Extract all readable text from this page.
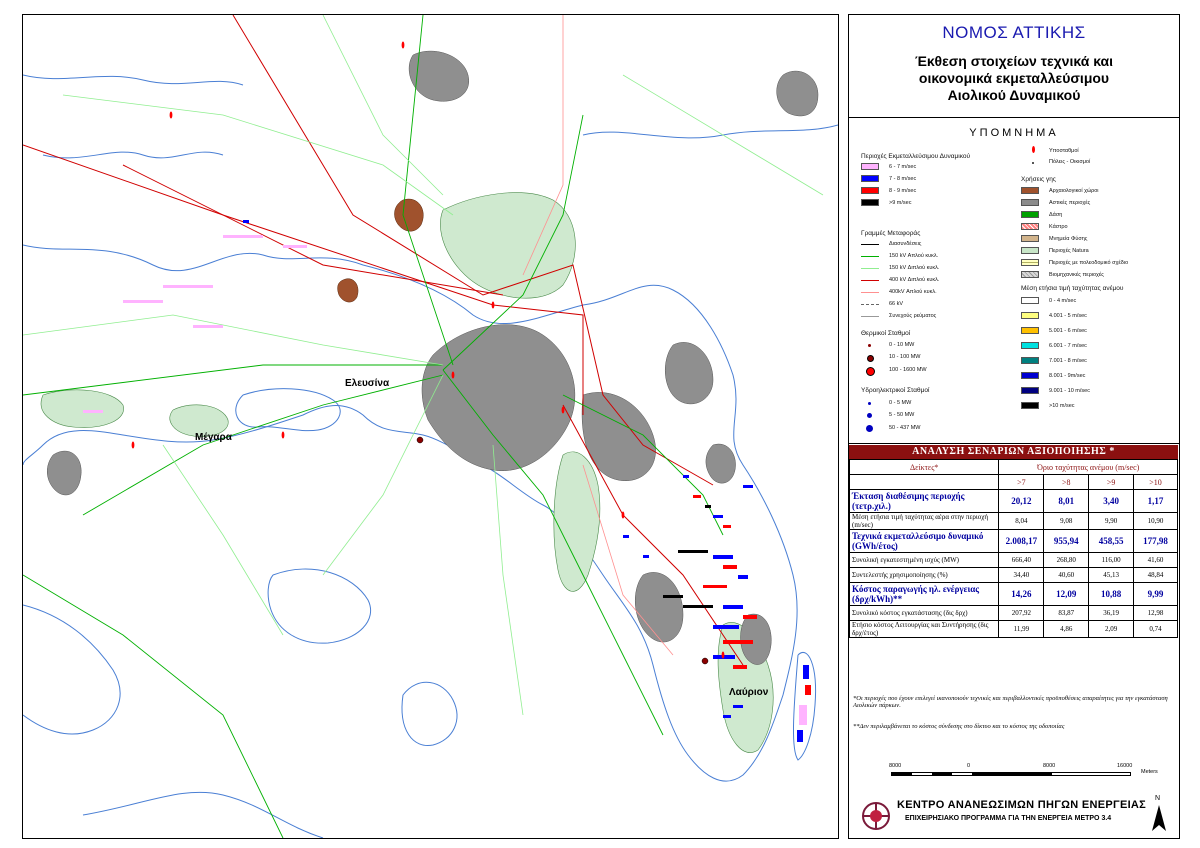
Ελευσίνα
Μέγαρα
Λαύριον
ΝΟΜΟΣ ΑΤΤΙΚΗΣ
Έκθεση στοιχείων τεχνικά και
οικονομικά εκμεταλλεύσιμου
Αιολικού Δυναμικού
ΥΠΟΜΝΗΜΑ
Περιοχές Εκμεταλλεύσιμου Δυναμικού
6 - 7 m/sec
7 - 8 m/sec
8 - 9 m/sec
>9 m/sec
Γραμμές Μεταφοράς
Διασυνδέσεις
150 kV Απλού κυκλ.
150 kV Διπλού κυκλ.
400 kV Διπλού κυκλ.
400kV Απλού κυκλ.
66 kV
Συνεχούς ρεύματος
Θερμικοί Σταθμοί
0 - 10 MW
10 - 100 MW
100 - 1600 MW
Υδροηλεκτρικοί Σταθμοί
0 - 5 MW
5 - 50 MW
50 - 437 MW
Υποσταθμοί
Πόλεις - Οικισμοί
Χρήσεις γης
Αρχαιολογικοί χώροι
Αστικές περιοχές
Δάση
Κάστρο
Μνημεία Φύσης
Περιοχές Natura
Περιοχές με πολεοδομικό σχέδιο
Βιομηχανικές περιοχές
Μέση ετήσια τιμή ταχύτητας ανέμου
0 - 4 m/sec
4.001 - 5 m/sec
5.001 - 6 m/sec
6.001 - 7 m/sec
7.001 - 8 m/sec
8.001 - 9m/sec
9.001 - 10 m/sec
>10 m/sec
ΑΝΑΛΥΣΗ ΣΕΝΑΡΙΩΝ ΑΞΙΟΠΟΙΗΣΗΣ *
Δείκτες*	Όριο ταχύτητας ανέμου (m/sec)			
	>7	>8	>9	>10
Έκταση διαθέσιμης περιοχής (τετρ.χιλ.)	20,12	8,01	3,40	1,17
Μέση ετήσια τιμή ταχύτητας αέρα στην περιοχή (m/sec)	8,04	9,08	9,90	10,90
Τεχνικά εκμεταλλεύσιμο δυναμικό (GWh/έτος)	2.008,17	955,94	458,55	177,98
Συνολική εγκατεστημένη ισχύς (MW)	666,40	268,80	116,00	41,60
Συντελεστής χρησιμοποίησης (%)	34,40	40,60	45,13	48,84
Κόστος παραγωγής ηλ. ενέργειας (δρχ/kWh)**	14,26	12,09	10,88	9,99
Συνολικό κόστος εγκατάστασης (δις δρχ)	207,92	83,87	36,19	12,98
Ετήσιο κόστος Λειτουργίας και Συντήρησης (δις δρχ/έτος)	11,99	4,86	2,09	0,74
*Οι περιοχές που έχουν επιλεγεί ικανοποιούν τεχνικές και περιβαλλοντικές προϋποθέσεις απαραίτητες για την εγκατάσταση Αιολικών πάρκων.
**Δεν περιλαμβάνεται το κόστος σύνδεσης στο δίκτυο και το κόστος της οδοποιίας
8000	0	8000	16000
Meters
ΚΕΝΤΡΟ ΑΝΑΝΕΩΣΙΜΩΝ ΠΗΓΩΝ ΕΝΕΡΓΕΙΑΣ
ΕΠΙΧΕΙΡΗΣΙΑΚΟ ΠΡΟΓΡΑΜΜΑ ΓΙΑ ΤΗΝ ΕΝΕΡΓΕΙΑ ΜΕΤΡΟ 3.4
N
